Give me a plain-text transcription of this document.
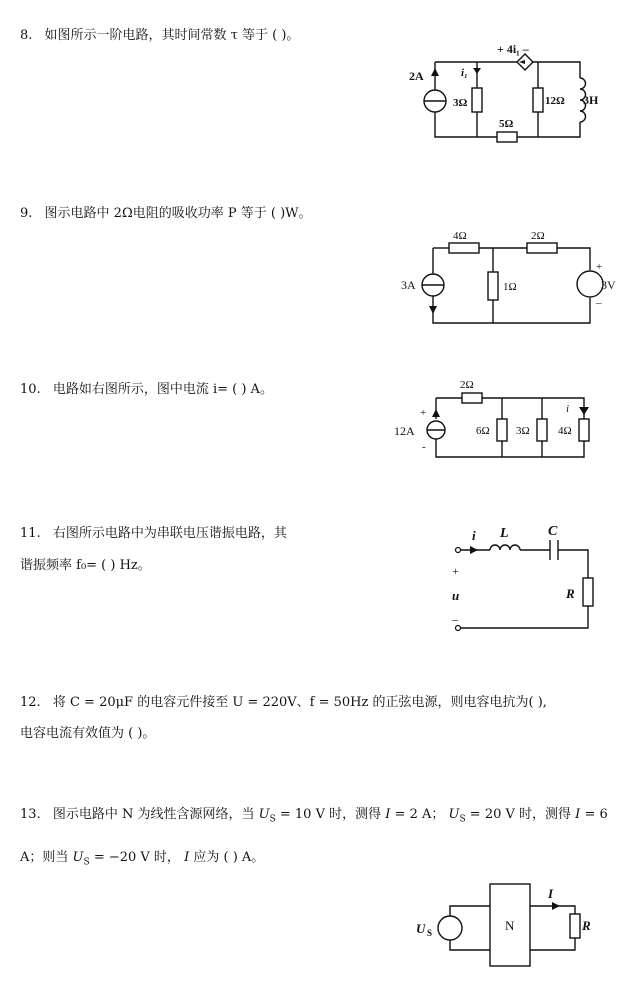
8. 如图所示一阶电路，其时间常数 τ 等于 ( )。
2A
+ 4i₁ –
i₁
3Ω	12Ω
5Ω
3H
9. 图示电路中 2Ω电阻的吸收功率 P 等于 ( )W。
3A
4Ω	2Ω
1Ω
+
–
3V
10. 电路如右图所示，图中电流 i= ( ) A。
+
-
12A
2Ω
6Ω 3Ω	4Ω
i
11. 右图所示电路中为串联电压谐振电路，其
谐振频率 f₀= ( ) Hz。
i L	C
R
+
u
–
12. 将 C = 20μF 的电容元件接至 U = 220V、f = 50Hz 的正弦电源，则电容电抗为( ),
电容电流有效值为 ( )。
13. 图示电路中 N 为线性含源网络，当 $U_S = 10$ V 时，测得 I = 2 A； $U_S = 20$ V 时，测得 I = 6
A；则当 $U_S = -20$ V 时， I 应为 ( ) A。
N
U S
I
R
